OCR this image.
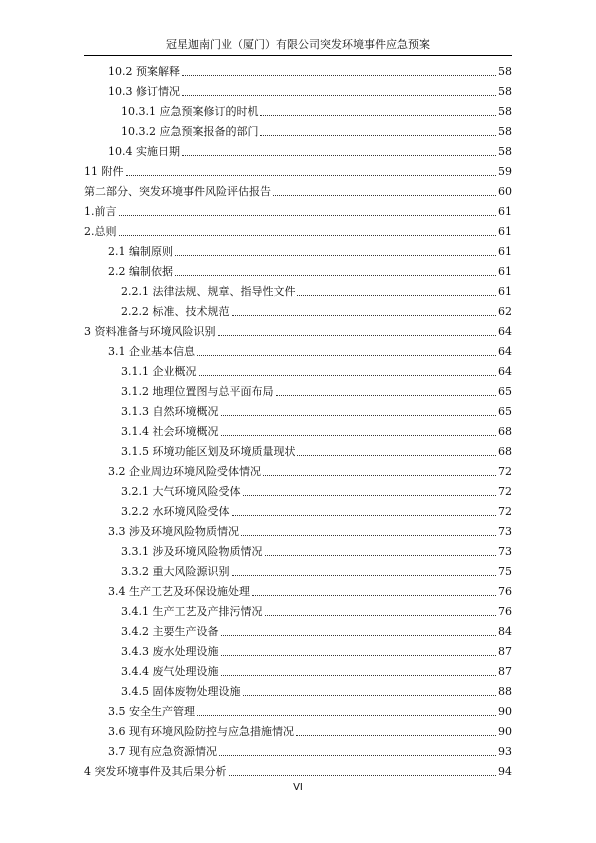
冠星迦南门业（厦门）有限公司突发环境事件应急预案
10.2 预案解释	58
10.3 修订情况	58
10.3.1 应急预案修订的时机	58
10.3.2 应急预案报备的部门	58
10.4 实施日期	58
11 附件	59
第二部分、突发环境事件风险评估报告	60
1.前言	61
2.总则	61
2.1 编制原则	61
2.2 编制依据	61
2.2.1 法律法规、规章、指导性文件	61
2.2.2 标准、技术规范	62
3 资料准备与环境风险识别	64
3.1 企业基本信息	64
3.1.1 企业概况	64
3.1.2 地理位置图与总平面布局	65
3.1.3 自然环境概况	65
3.1.4 社会环境概况	68
3.1.5 环境功能区划及环境质量现状	68
3.2 企业周边环境风险受体情况	72
3.2.1 大气环境风险受体	72
3.2.2 水环境风险受体	72
3.3 涉及环境风险物质情况	73
3.3.1 涉及环境风险物质情况	73
3.3.2 重大风险源识别	75
3.4 生产工艺及环保设施处理	76
3.4.1 生产工艺及产排污情况	76
3.4.2 主要生产设备	84
3.4.3 废水处理设施	87
3.4.4 废气处理设施	87
3.4.5 固体废物处理设施	88
3.5 安全生产管理	90
3.6 现有环境风险防控与应急措施情况	90
3.7 现有应急资源情况	93
4 突发环境事件及其后果分析	94
VI
